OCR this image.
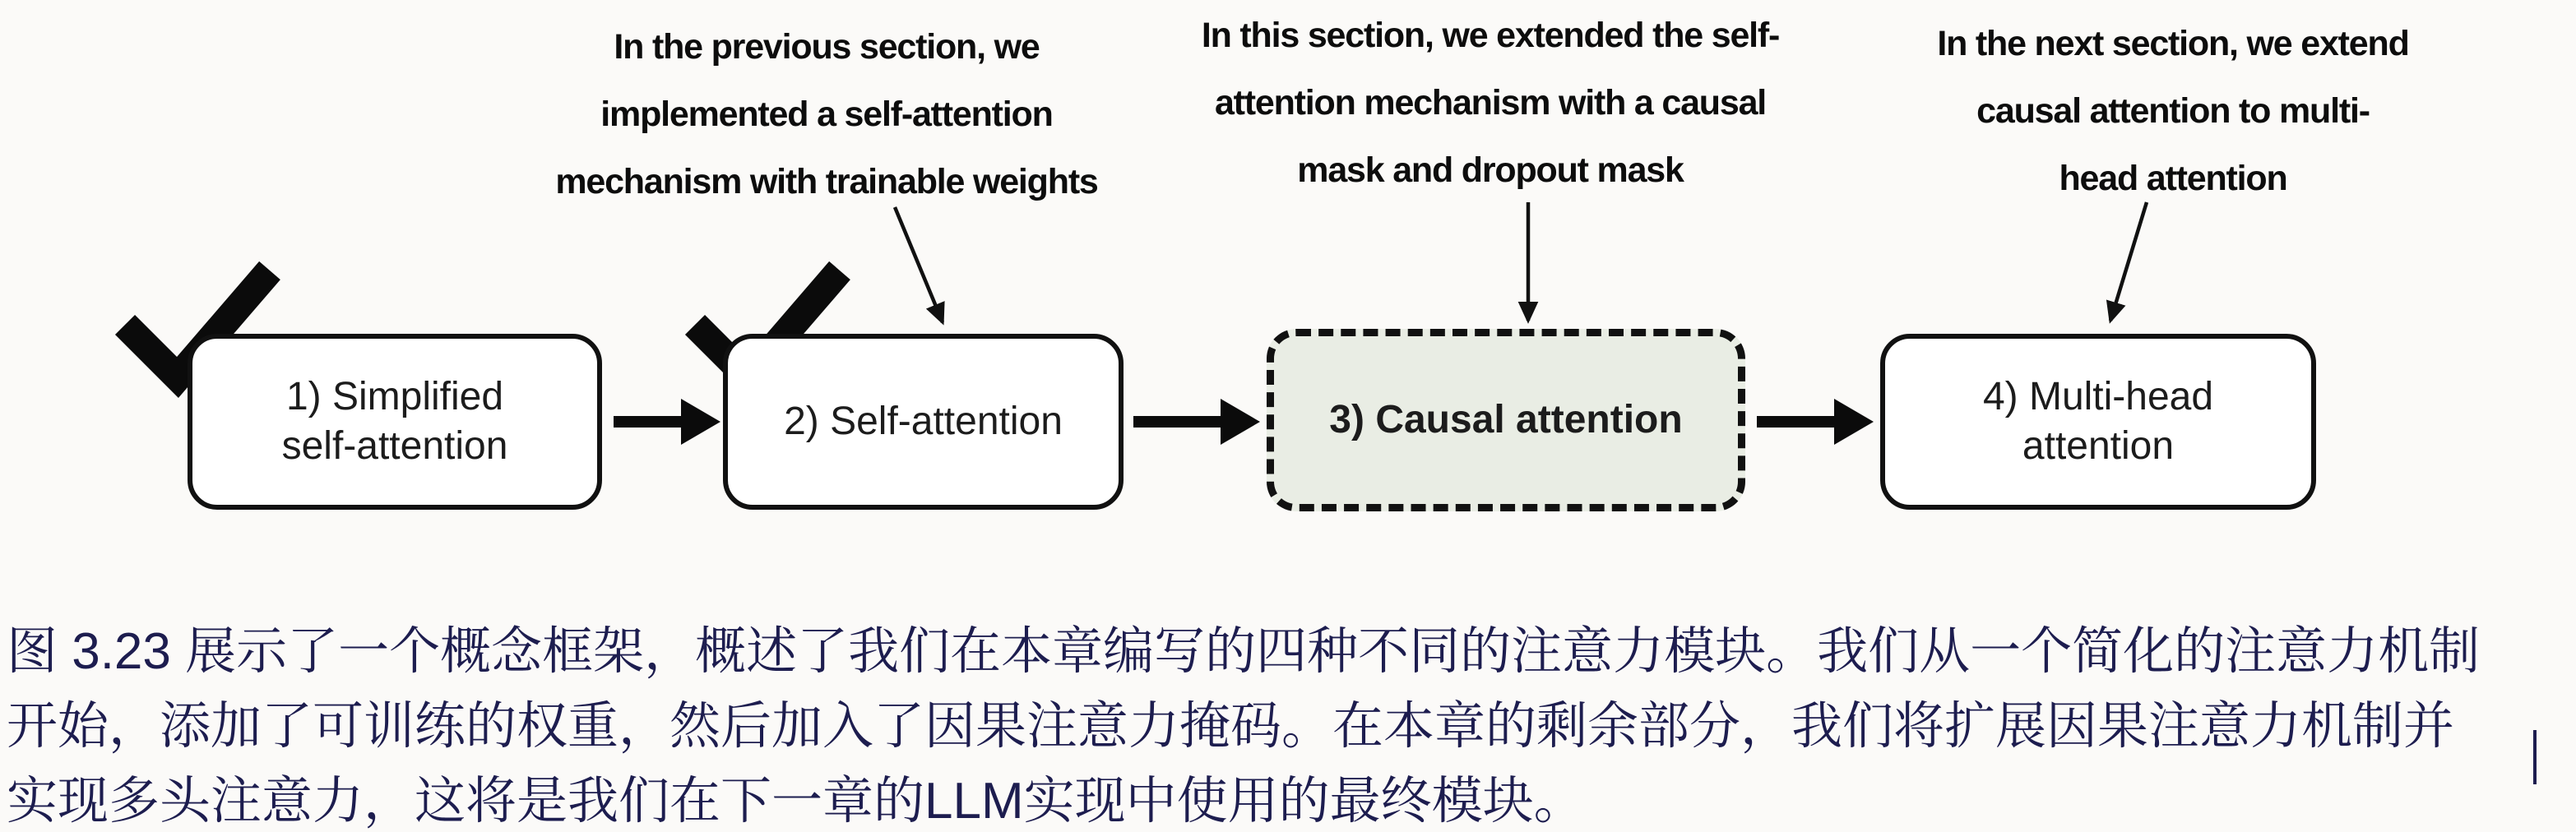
In the previous section, we
implemented a self-attention
mechanism with trainable weights
In this section, we extended the self-
attention mechanism with a causal
mask and dropout mask
In the next section, we extend
causal attention to multi-
head attention
1) Simplified
self-attention
2) Self-attention	3) Causal attention
4) Multi-head
attention
图 3.23 展示了一个概念框架，概述了我们在本章编写的四种不同的注意力模块。我们从一个简化的注意力机制
开始，添加了可训练的权重，然后加入了因果注意力掩码。在本章的剩余部分，我们将扩展因果注意力机制并
实现多头注意力，这将是我们在下一章的LLM实现中使用的最终模块。
